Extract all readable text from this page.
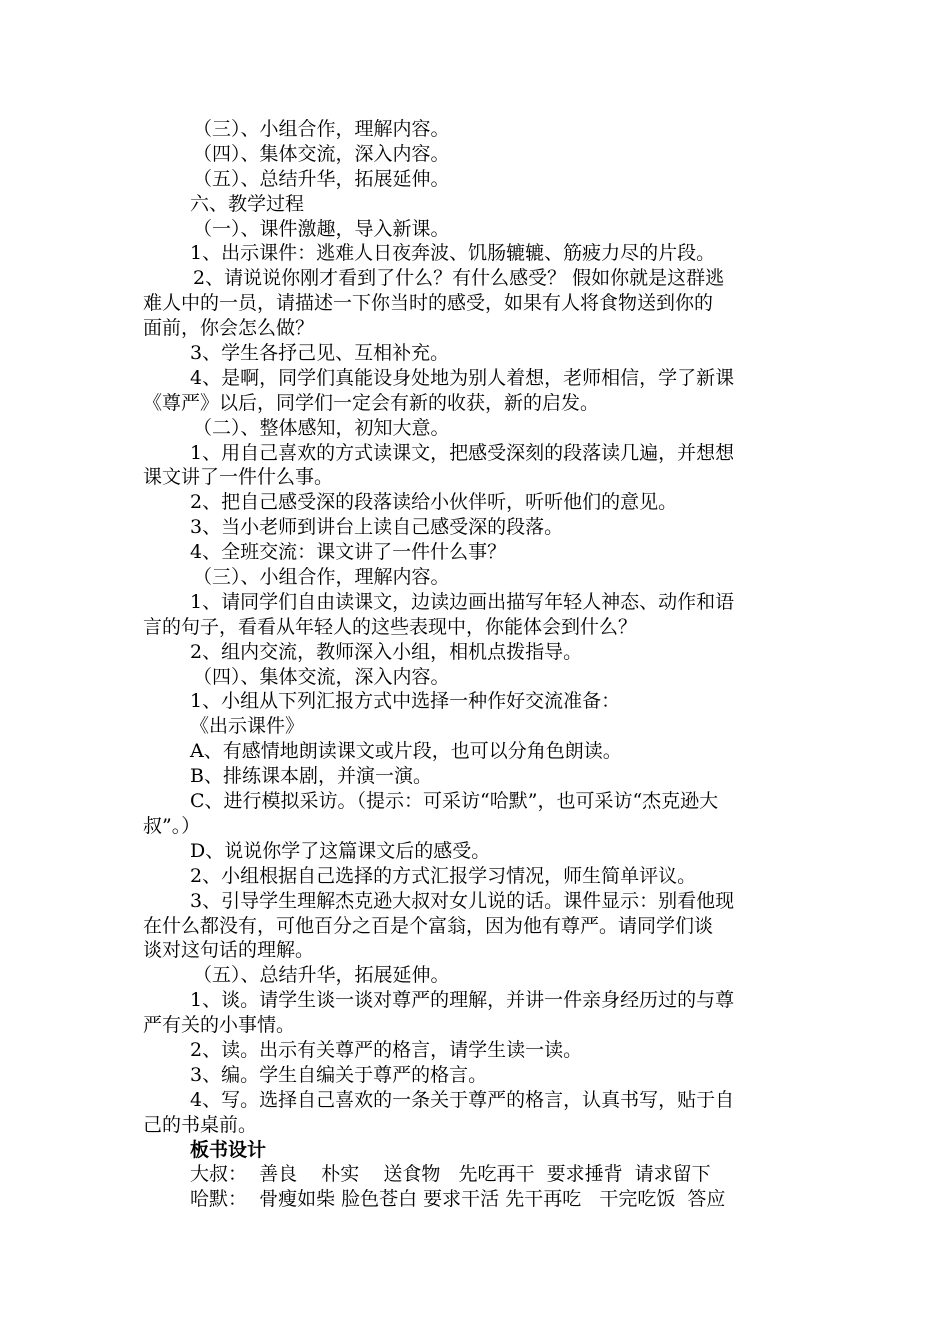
（三）、小组合作，理解内容。
（四）、集体交流，深入内容。
（五）、总结升华，拓展延伸。
六、教学过程
（一）、课件激趣，导入新课。
1、出示课件：逃难人日夜奔波、饥肠辘辘、筋疲力尽的片段。
2、请说说你刚才看到了什么？有什么感受？ 假如你就是这群逃
难人中的一员，请描述一下你当时的感受，如果有人将食物送到你的
面前，你会怎么做？
3、学生各抒己见、互相补充。
4、是啊，同学们真能设身处地为别人着想，老师相信，学了新课
《尊严》以后，同学们一定会有新的收获，新的启发。
（二）、整体感知，初知大意。
1、用自己喜欢的方式读课文，把感受深刻的段落读几遍，并想想
课文讲了一件什么事。
2、把自己感受深的段落读给小伙伴听，听听他们的意见。
3、当小老师到讲台上读自己感受深的段落。
4、全班交流：课文讲了一件什么事？
（三）、小组合作，理解内容。
1、请同学们自由读课文，边读边画出描写年轻人神态、动作和语
言的句子，看看从年轻人的这些表现中，你能体会到什么？
2、组内交流，教师深入小组，相机点拨指导。
（四）、集体交流，深入内容。
1、小组从下列汇报方式中选择一种作好交流准备：
《出示课件》
A、有感情地朗读课文或片段，也可以分角色朗读。
B、排练课本剧，并演一演。
C、进行模拟采访。（提示：可采访“哈默”，也可采访“杰克逊大
叔”。）
D、说说你学了这篇课文后的感受。
2、小组根据自己选择的方式汇报学习情况，师生简单评议。
3、引导学生理解杰克逊大叔对女儿说的话。课件显示：别看他现
在什么都没有，可他百分之百是个富翁，因为他有尊严。请同学们谈
谈对这句话的理解。
（五）、总结升华，拓展延伸。
1、谈。请学生谈一谈对尊严的理解，并讲一件亲身经历过的与尊
严有关的小事情。
2、读。出示有关尊严的格言，请学生读一读。
3、编。学生自编关于尊严的格言。
4、写。选择自己喜欢的一条关于尊严的格言，认真书写，贴于自
己的书桌前。
板书设计
大叔：  善良    朴实    送食物   先吃再干  要求捶背  请求留下
哈默：  骨瘦如柴 脸色苍白 要求干活 先干再吃   干完吃饭  答应
